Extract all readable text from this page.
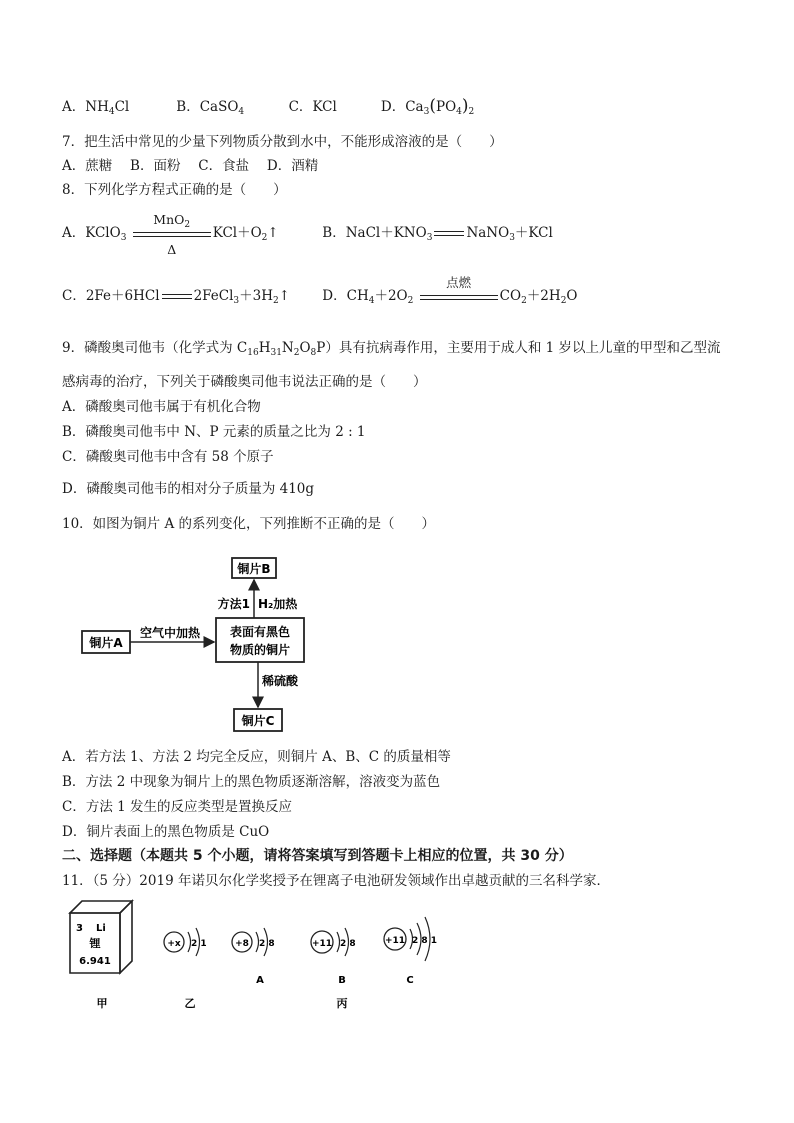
A．$NH_4Cl$	B．CaSO$_4$	C．KCl	D．$Ca_3(PO_4)_2$
7．把生活中常见的少量下列物质分散到水中，不能形成溶液的是（　　）
A．蔗糖　 B．面粉　 C．食盐　 D．酒精
8．下列化学方程式正确的是（　　）
A．KClO$_3$
MnO$_2$
Δ
$KCl+O_2↑$	B．$NaCl+KNO_3$	NaNO$_3$＋KCl
C．2Fe＋6HCl	$2FeCl_3+3H_2↑$ D．$CH_4+2O_2$
点燃
$CO_2+2H_2O$
9．磷酸奥司他韦（化学式为 $C_{16}H_{31}N_2O_8P$）具有抗病毒作用，主要用于成人和 1 岁以上儿童的甲型和乙型流
感病毒的治疗，下列关于磷酸奥司他韦说法正确的是（　　）
A．磷酸奥司他韦属于有机化合物
B．磷酸奥司他韦中 N、P 元素的质量之比为 2 : 1
C．磷酸奥司他韦中含有 58 个原子
D．磷酸奥司他韦的相对分子质量为 410g
10．如图为铜片 A 的系列变化，下列推断不正确的是（　　）
铜片B
铜片A
表面有黑色
物质的铜片
铜片C
空气中加热
方法1 H₂加热
稀硫酸
A．若方法 1、方法 2 均完全反应，则铜片 A、B、C 的质量相等
B．方法 2 中现象为铜片上的黑色物质逐渐溶解，溶液变为蓝色
C．方法 1 发生的反应类型是置换反应
D．铜片表面上的黑色物质是 CuO
二、选择题（本题共 5 个小题，请将答案填写到答题卡上相应的位置，共 30 分）
11．（5 分）2019 年诺贝尔化学奖授予在锂离子电池研发领域作出卓越贡献的三名科学家．
3 Li
锂
6.941
+x 2 1	+8 2 8	+11 2 8	+11 2 8 1
A	B	C
甲	乙	丙
